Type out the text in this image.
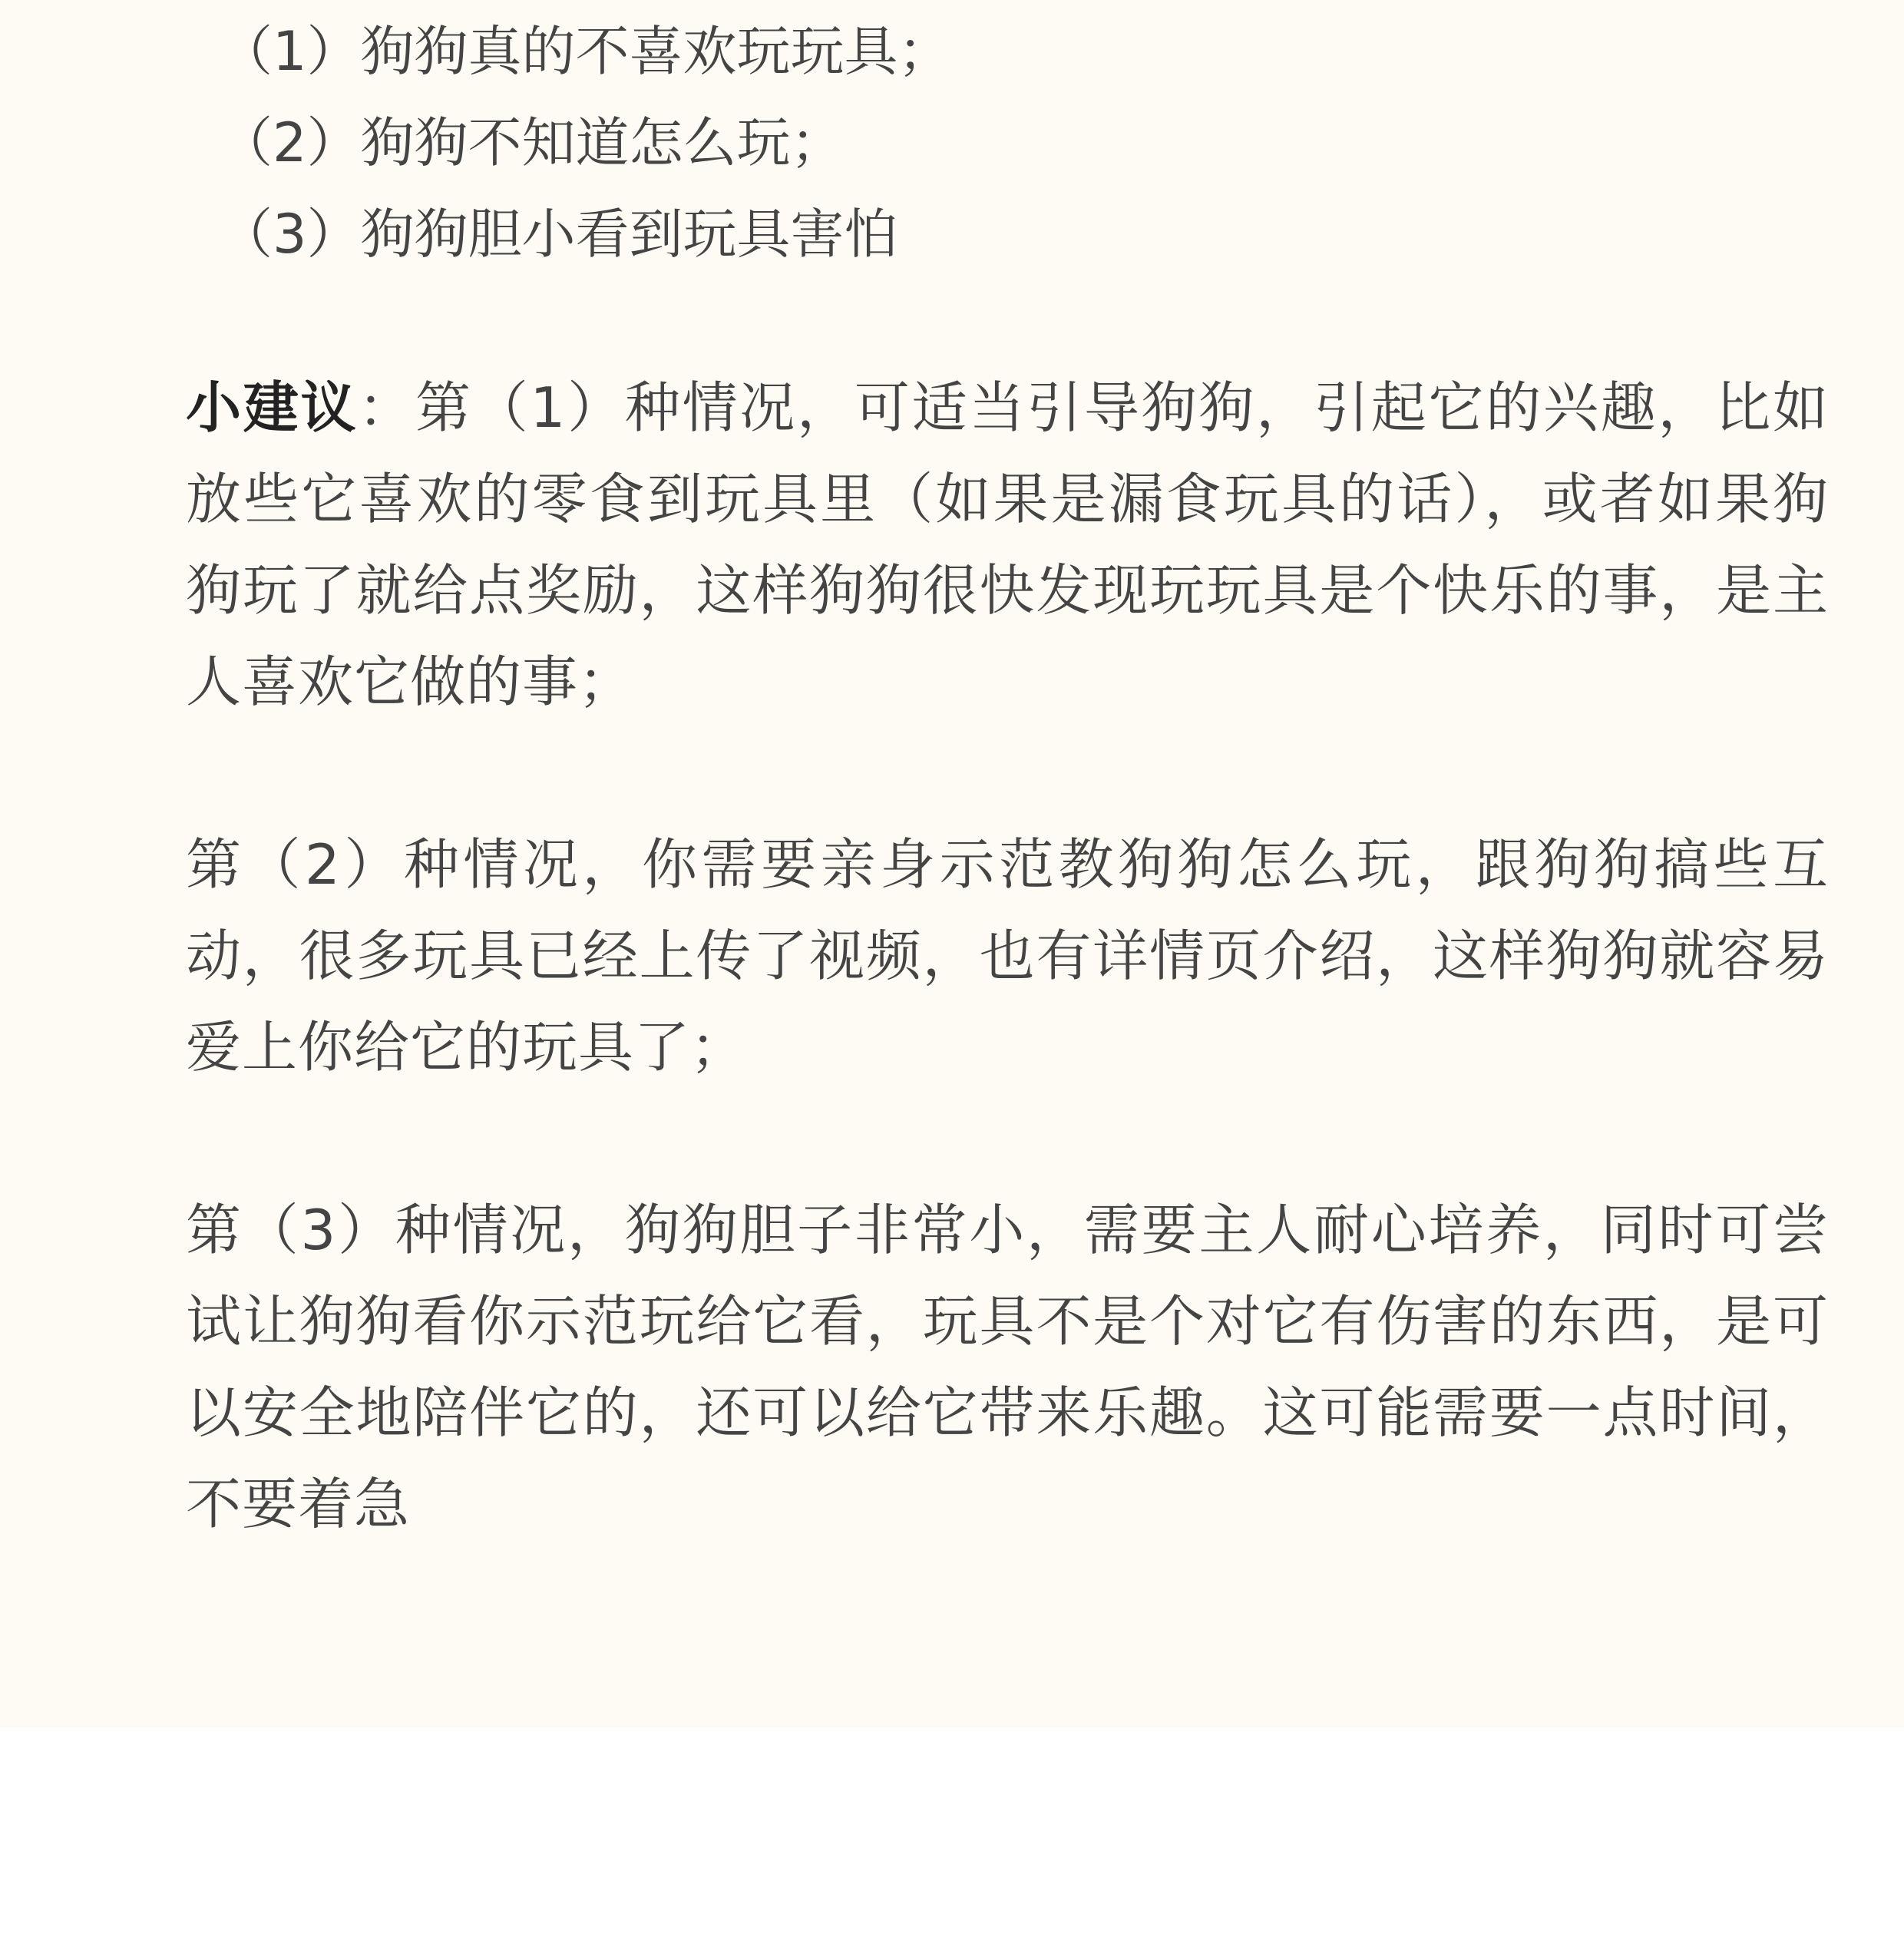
（1）狗狗真的不喜欢玩玩具；
（2）狗狗不知道怎么玩；
（3）狗狗胆小看到玩具害怕

小建议：第（1）种情况，可适当引导狗狗，引起它的兴趣，比如放些它喜欢的零食到玩具里（如果是漏食玩具的话），或者如果狗狗玩了就给点奖励，这样狗狗很快发现玩玩具是个快乐的事，是主人喜欢它做的事；

第（2）种情况，你需要亲身示范教狗狗怎么玩，跟狗狗搞些互动，很多玩具已经上传了视频，也有详情页介绍，这样狗狗就容易爱上你给它的玩具了；

第（3）种情况，狗狗胆子非常小，需要主人耐心培养，同时可尝试让狗狗看你示范玩给它看，玩具不是个对它有伤害的东西，是可以安全地陪伴它的，还可以给它带来乐趣。这可能需要一点时间，不要着急
